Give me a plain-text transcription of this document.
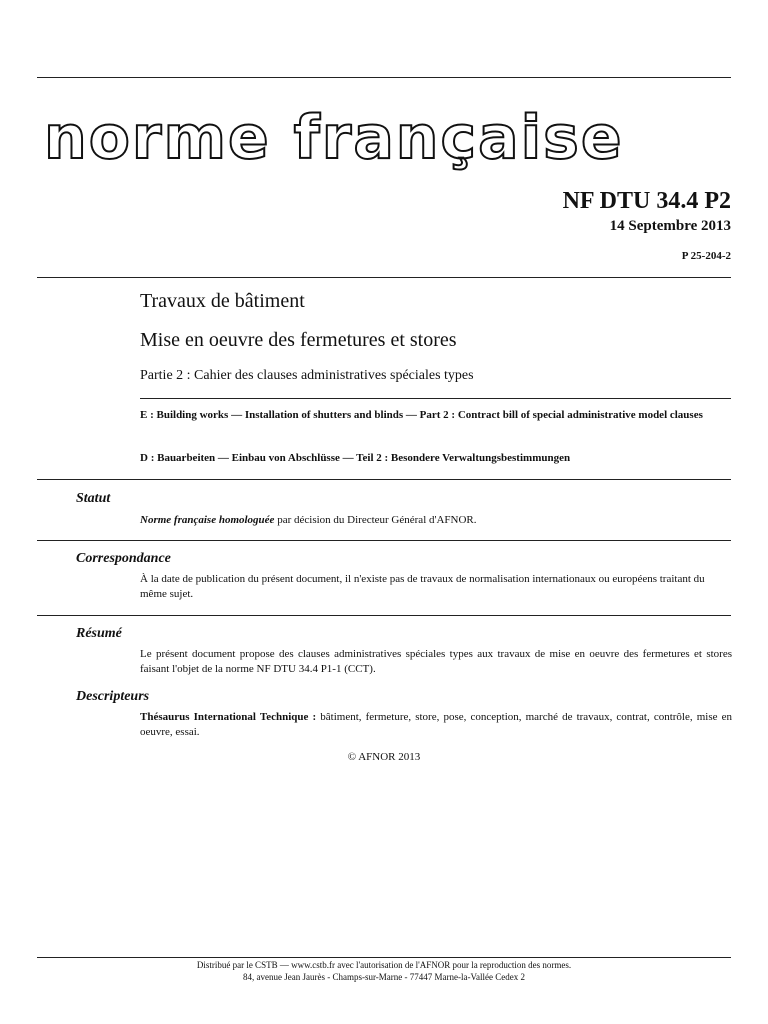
norme française
NF DTU 34.4 P2
14 Septembre 2013
P 25-204-2
Travaux de bâtiment
Mise en oeuvre des fermetures et stores
Partie 2 : Cahier des clauses administratives spéciales types
E : Building works — Installation of shutters and blinds — Part 2 : Contract bill of special administrative model clauses
D : Bauarbeiten — Einbau von Abschlüsse — Teil 2 : Besondere Verwaltungsbestimmungen
Statut
Norme française homologuée par décision du Directeur Général d'AFNOR.
Correspondance
À la date de publication du présent document, il n'existe pas de travaux de normalisation internationaux ou européens traitant du même sujet.
Résumé
Le présent document propose des clauses administratives spéciales types aux travaux de mise en oeuvre des fermetures et stores faisant l'objet de la norme NF DTU 34.4 P1-1 (CCT).
Descripteurs
Thésaurus International Technique : bâtiment, fermeture, store, pose, conception, marché de travaux, contrat, contrôle, mise en oeuvre, essai.
© AFNOR 2013
Distribué par le CSTB — www.cstb.fr avec l'autorisation de l'AFNOR pour la reproduction des normes.
84, avenue Jean Jaurès - Champs-sur-Marne - 77447 Marne-la-Vallée Cedex 2
